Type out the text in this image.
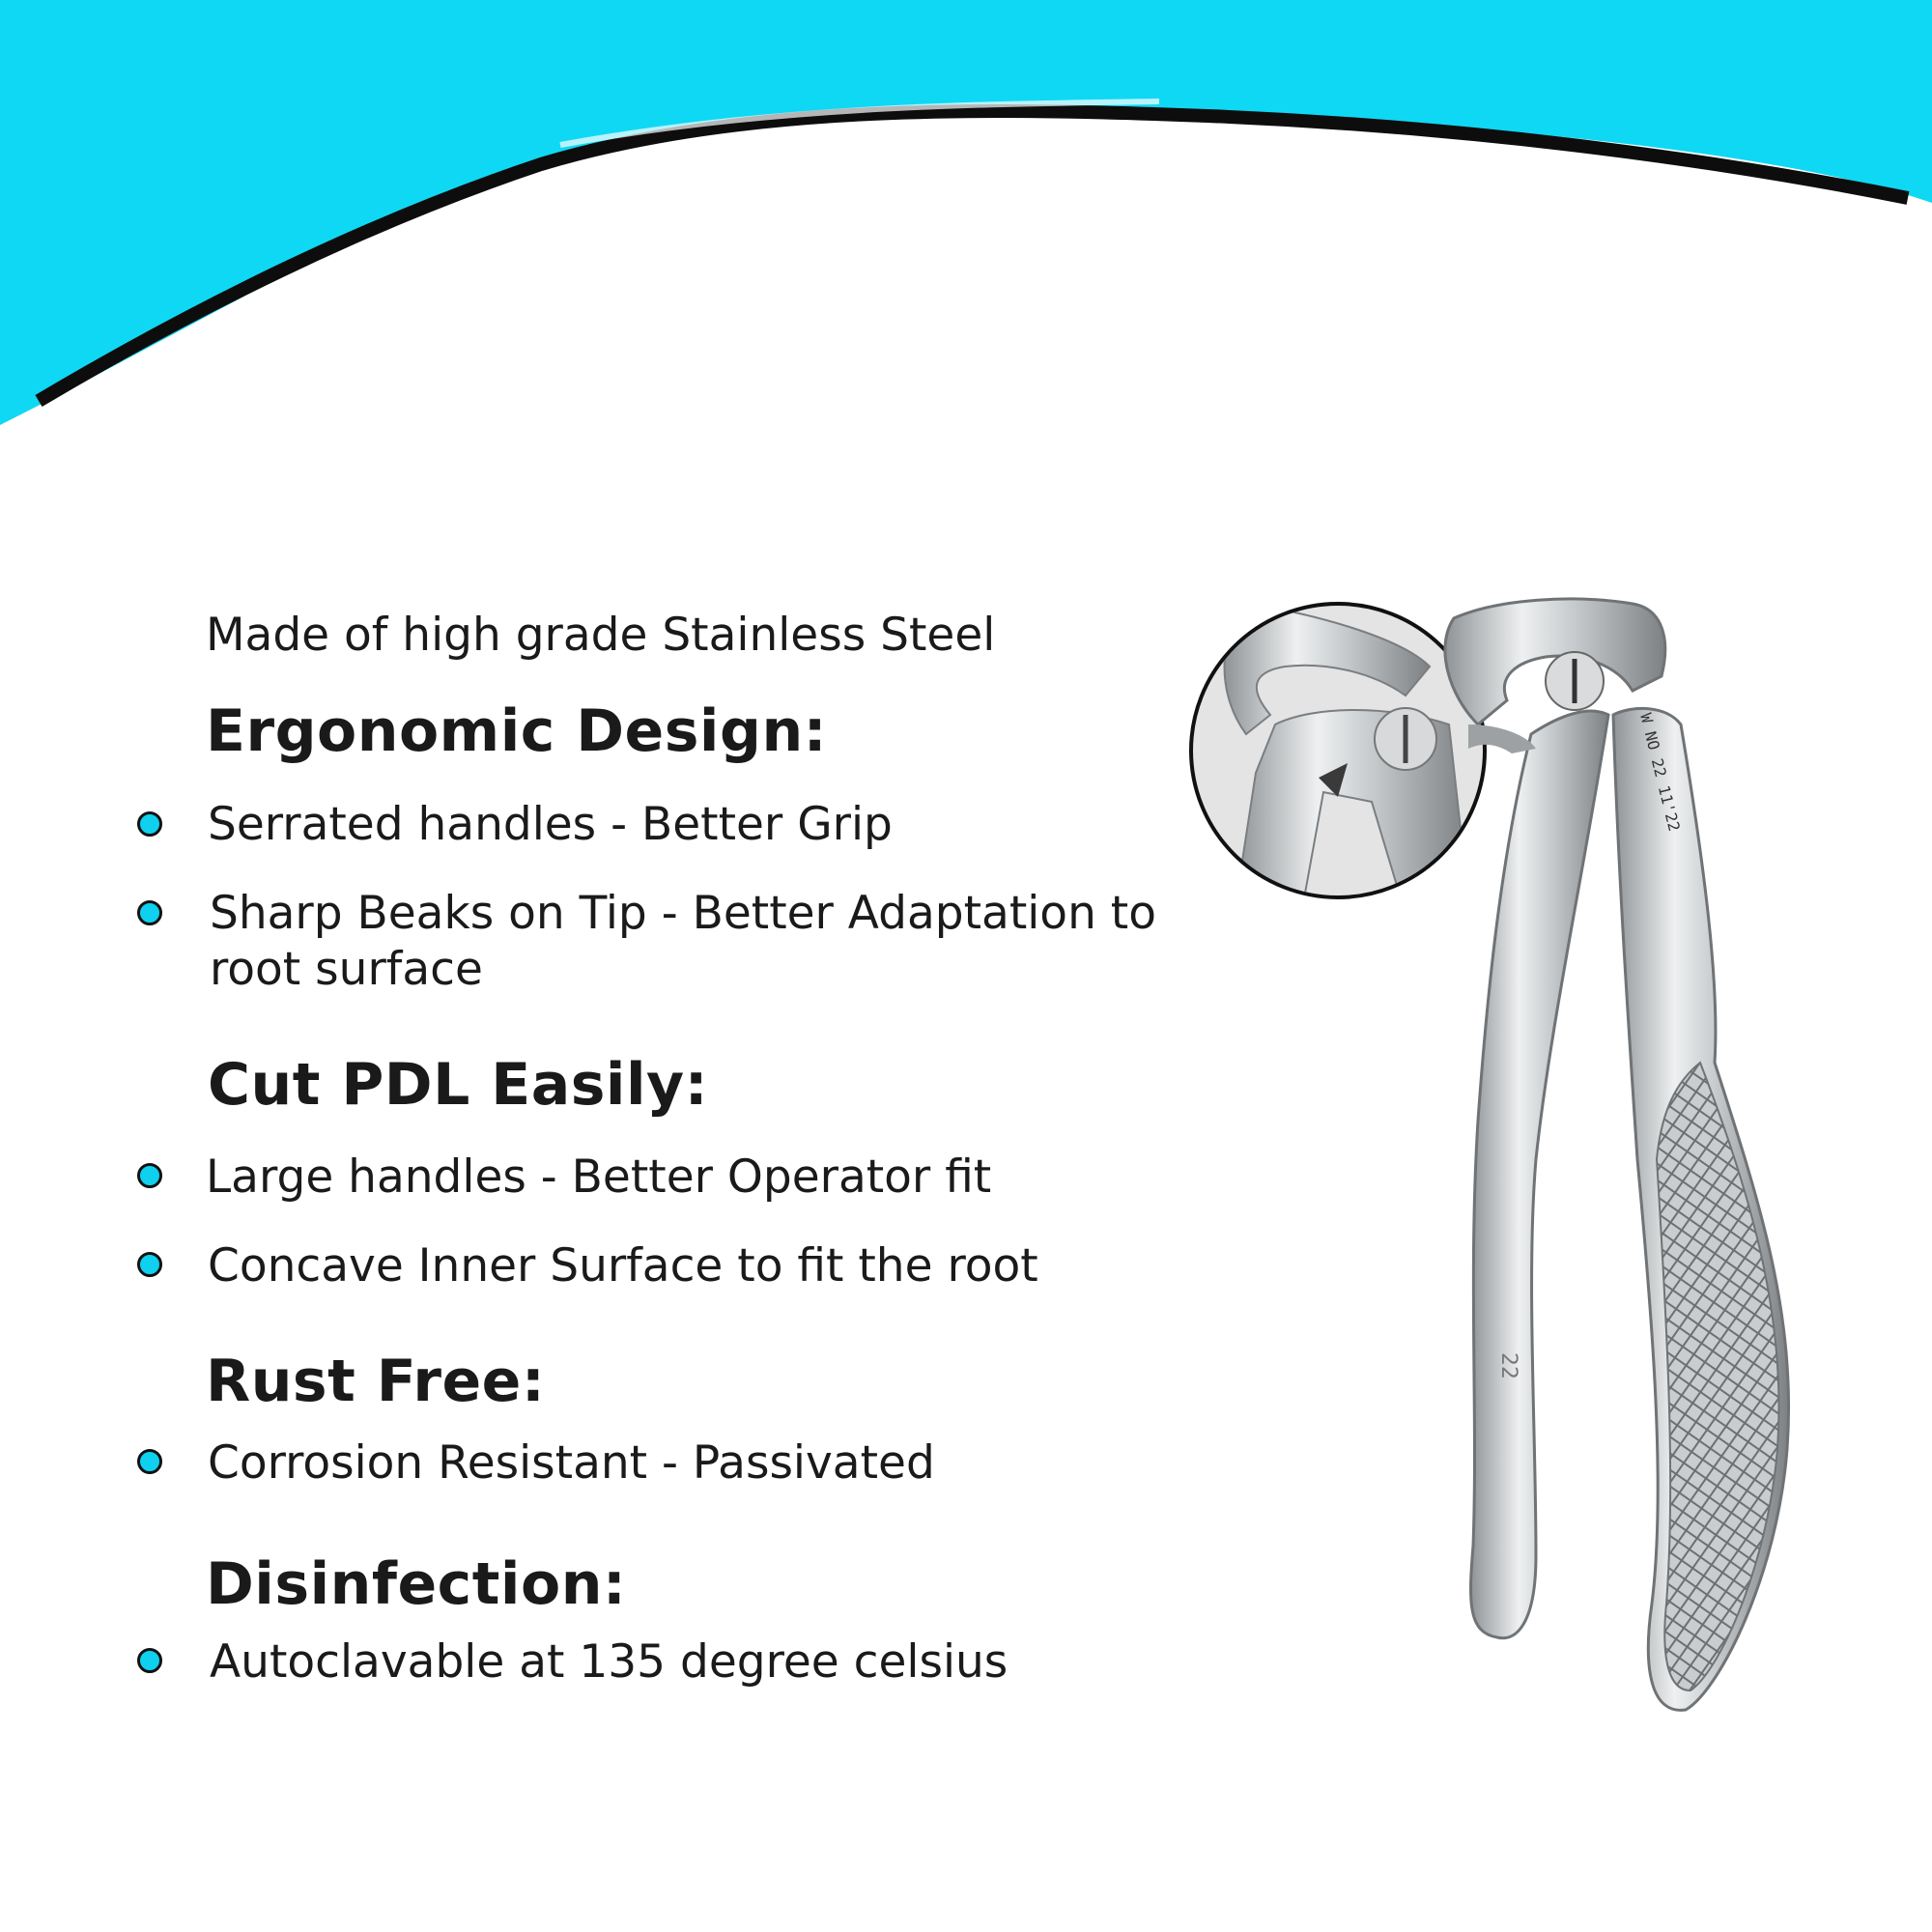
Made of high grade Stainless Steel

Ergonomic Design:

Serrated handles - Better Grip

Sharp Beaks on Tip - Better Adaptation to root surface

Cut PDL Easily:

Large handles - Better Operator fit

Concave Inner Surface to fit the root

Rust Free:

Corrosion Resistant - Passivated

Disinfection:

Autoclavable at 135 degree celsius

W NO 22 11'22
22
